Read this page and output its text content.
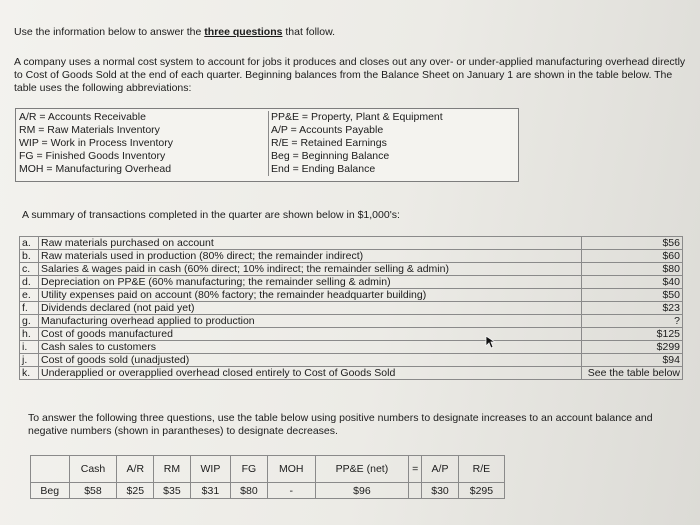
Use the information below to answer the three questions that follow.

A company uses a normal cost system to account for jobs it produces and closes out any over- or under-applied manufacturing overhead directly to Cost of Goods Sold at the end of each quarter. Beginning balances from the Balance Sheet on January 1 are shown in the table below. The table uses the following abbreviations:

A/R = Accounts Receivable
RM = Raw Materials Inventory
WIP = Work in Process Inventory
FG = Finished Goods Inventory
MOH = Manufacturing Overhead
PP&E = Property, Plant & Equipment
A/P = Accounts Payable
R/E = Retained Earnings
Beg = Beginning Balance
End = Ending Balance

A summary of transactions completed in the quarter are shown below in $1,000's:

a.	Raw materials purchased on account	$56
b.	Raw materials used in production (80% direct; the remainder indirect)	$60
c.	Salaries & wages paid in cash (60% direct; 10% indirect; the remainder selling & admin)	$80
d.	Depreciation on PP&E (60% manufacturing; the remainder selling & admin)	$40
e.	Utility expenses paid on account (80% factory; the remainder headquarter building)	$50
f.	Dividends declared (not paid yet)	$23
g.	Manufacturing overhead applied to production	?
h.	Cost of goods manufactured	$125
i.	Cash sales to customers	$299
j.	Cost of goods sold (unadjusted)	$94
k.	Underapplied or overapplied overhead closed entirely to Cost of Goods Sold	See the table below

To answer the following three questions, use the table below using positive numbers to designate increases to an account balance and negative numbers (shown in parantheses) to designate decreases.

	Cash	A/R	RM	WIP	FG	MOH	PP&E (net)	=	A/P	R/E
Beg	$58	$25	$35	$31	$80	-	$96		$30	$295
